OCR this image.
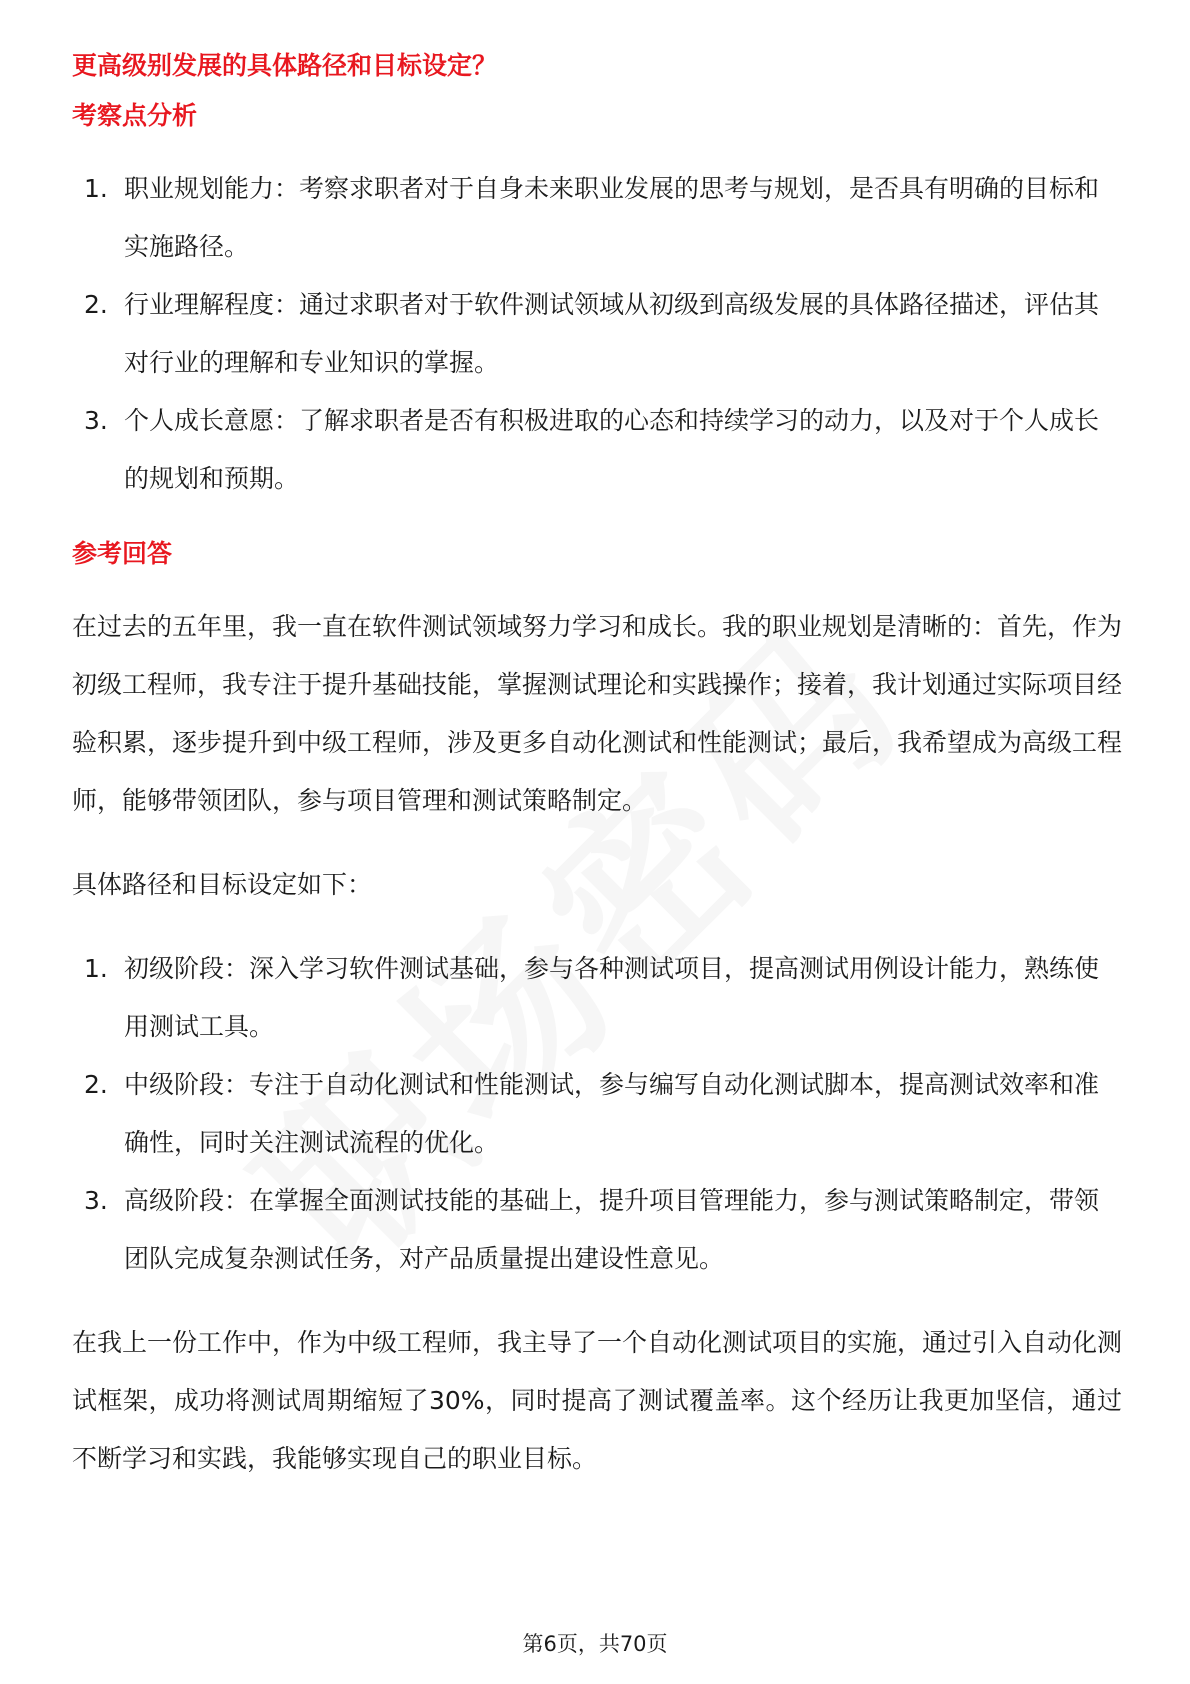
更高级别发展的具体路径和目标设定？

考察点分析

1. 职业规划能力：考察求职者对于自身未来职业发展的思考与规划，是否具有明确的目标和实施路径。
2. 行业理解程度：通过求职者对于软件测试领域从初级到高级发展的具体路径描述，评估其对行业的理解和专业知识的掌握。
3. 个人成长意愿：了解求职者是否有积极进取的心态和持续学习的动力，以及对于个人成长的规划和预期。

参考回答

在过去的五年里，我一直在软件测试领域努力学习和成长。我的职业规划是清晰的：首先，作为初级工程师，我专注于提升基础技能，掌握测试理论和实践操作；接着，我计划通过实际项目经验积累，逐步提升到中级工程师，涉及更多自动化测试和性能测试；最后，我希望成为高级工程师，能够带领团队，参与项目管理和测试策略制定。

具体路径和目标设定如下：

1. 初级阶段：深入学习软件测试基础，参与各种测试项目，提高测试用例设计能力，熟练使用测试工具。
2. 中级阶段：专注于自动化测试和性能测试，参与编写自动化测试脚本，提高测试效率和准确性，同时关注测试流程的优化。
3. 高级阶段：在掌握全面测试技能的基础上，提升项目管理能力，参与测试策略制定，带领团队完成复杂测试任务，对产品质量提出建设性意见。

在我上一份工作中，作为中级工程师，我主导了一个自动化测试项目的实施，通过引入自动化测试框架，成功将测试周期缩短了30%，同时提高了测试覆盖率。这个经历让我更加坚信，通过不断学习和实践，我能够实现自己的职业目标。

第6页，共70页
